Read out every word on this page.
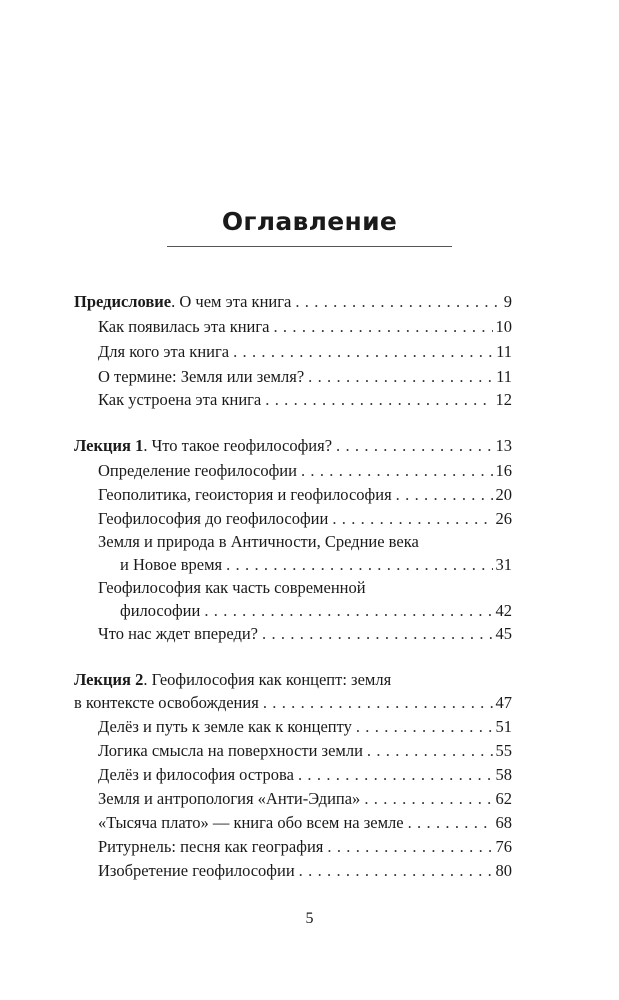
Оглавление
Предисловие. О чем эта книга . . .	9
Как появилась эта книга . . .	10
Для кого эта книга . . .	11
О термине: Земля или земля? . . .	11
Как устроена эта книга . . .	12
Лекция 1. Что такое геофилософия? . . .	13
Определение геофилософии . . .	16
Геополитика, геоистория и геофилософия . . .	20
Геофилософия до геофилософии . . .	26
Земля и природа в Античности, Средние века
и Новое время . . .	31
Геофилософия как часть современной
философии . . .	42
Что нас ждет впереди? . . .	45
Лекция 2. Геофилософия как концепт: земля
в контексте освобождения . . .	47
Делёз и путь к земле как к концепту . . .	51
Логика смысла на поверхности земли . . .	55
Делёз и философия острова . . .	58
Земля и антропология «Анти-Эдипа» . . .	62
«Тысяча плато» — книга обо всем на земле . . .	68
Ритурнель: песня как география . . .	76
Изобретение геофилософии . . .	80
5
